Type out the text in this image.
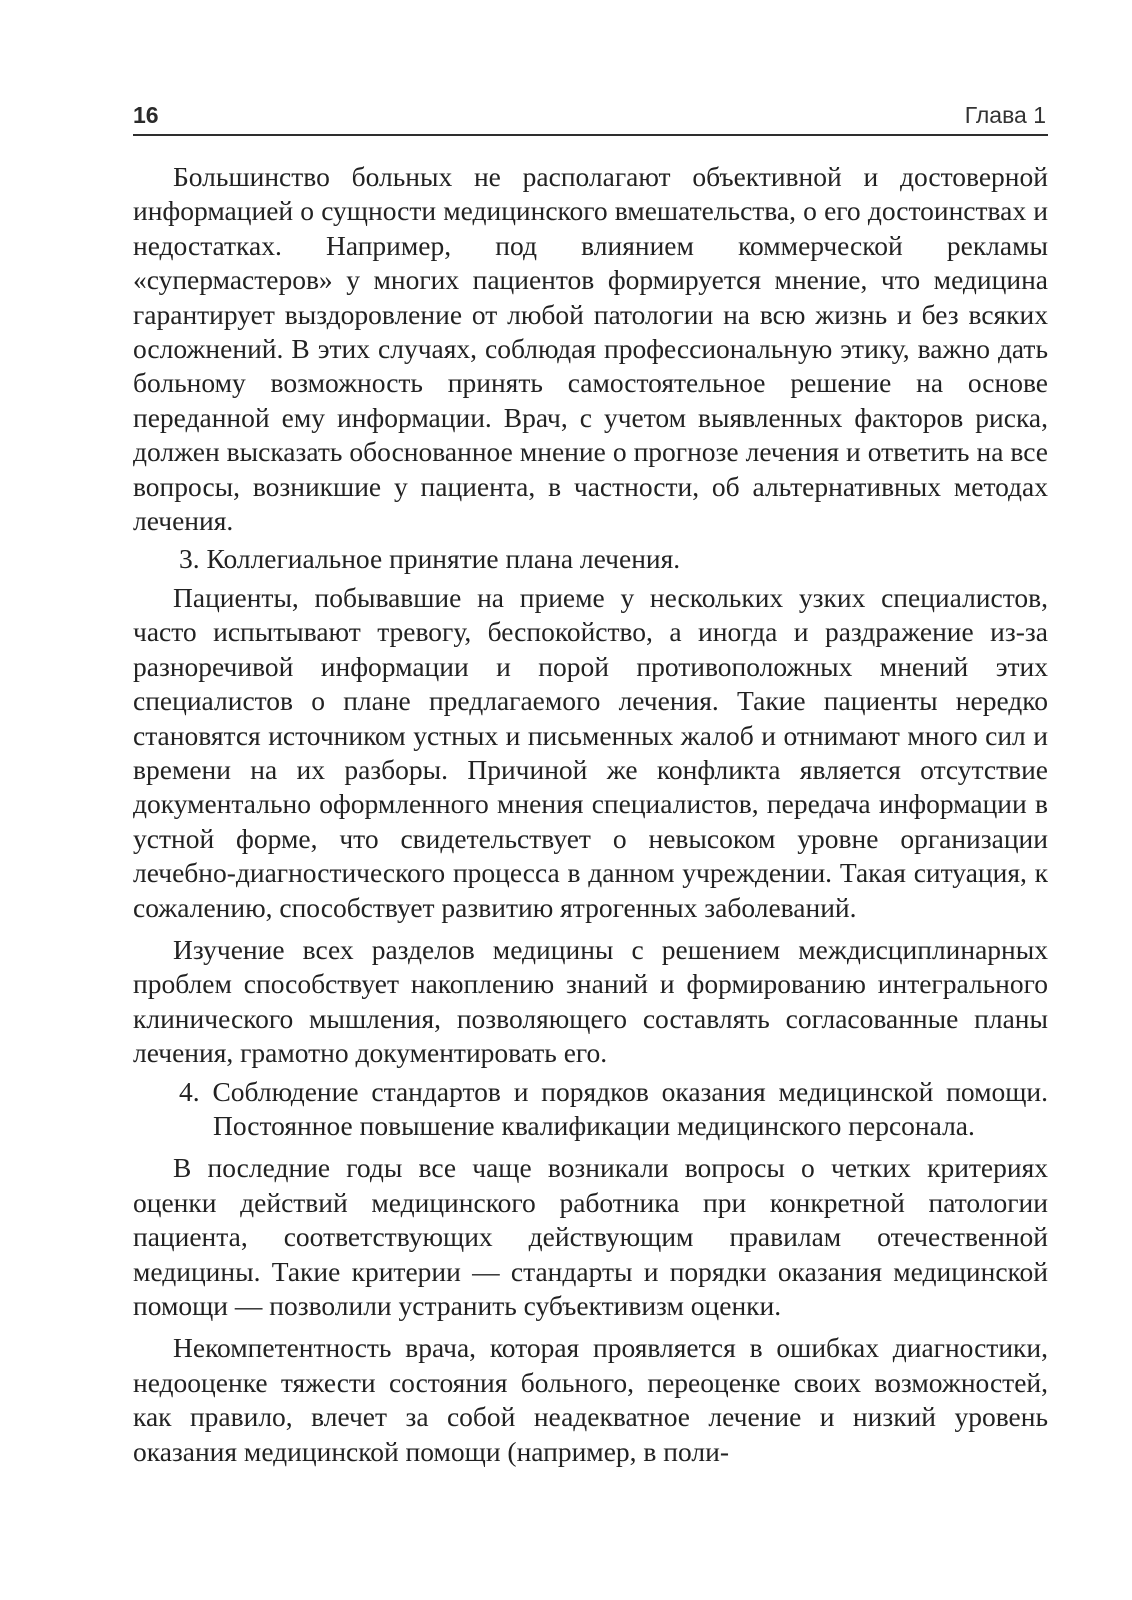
16	Глава 1

Большинство больных не располагают объективной и достоверной информацией о сущности медицинского вмешательства, о его достоинствах и недостатках. Например, под влиянием коммерческой рекламы «супермастеров» у многих пациентов формируется мнение, что медицина гарантирует выздоровление от любой патологии на всю жизнь и без всяких осложнений. В этих случаях, соблюдая профессиональную этику, важно дать больному возможность принять самостоятельное решение на основе переданной ему информации. Врач, с учетом выявленных факторов риска, должен высказать обоснованное мнение о прогнозе лечения и ответить на все вопросы, возникшие у пациента, в частности, об альтернативных методах лечения.

3. Коллегиальное принятие плана лечения.

Пациенты, побывавшие на приеме у нескольких узких специалистов, часто испытывают тревогу, беспокойство, а иногда и раздражение из-за разноречивой информации и порой противоположных мнений этих специалистов о плане предлагаемого лечения. Такие пациенты нередко становятся источником устных и письменных жалоб и отнимают много сил и времени на их разборы. Причиной же конфликта является отсутствие документально оформленного мнения специалистов, передача информации в устной форме, что свидетельствует о невысоком уровне организации лечебно-диагностического процесса в данном учреждении. Такая ситуация, к сожалению, способствует развитию ятрогенных заболеваний.

Изучение всех разделов медицины с решением междисциплинарных проблем способствует накоплению знаний и формированию интегрального клинического мышления, позволяющего составлять согласованные планы лечения, грамотно документировать его.

4. Соблюдение стандартов и порядков оказания медицинской помощи. Постоянное повышение квалификации медицинского персонала.

В последние годы все чаще возникали вопросы о четких критериях оценки действий медицинского работника при конкретной патологии пациента, соответствующих действующим правилам отечественной медицины. Такие критерии — стандарты и порядки оказания медицинской помощи — позволили устранить субъективизм оценки.

Некомпетентность врача, которая проявляется в ошибках диагностики, недооценке тяжести состояния больного, переоценке своих возможностей, как правило, влечет за собой неадекватное лечение и низкий уровень оказания медицинской помощи (например, в поли-
